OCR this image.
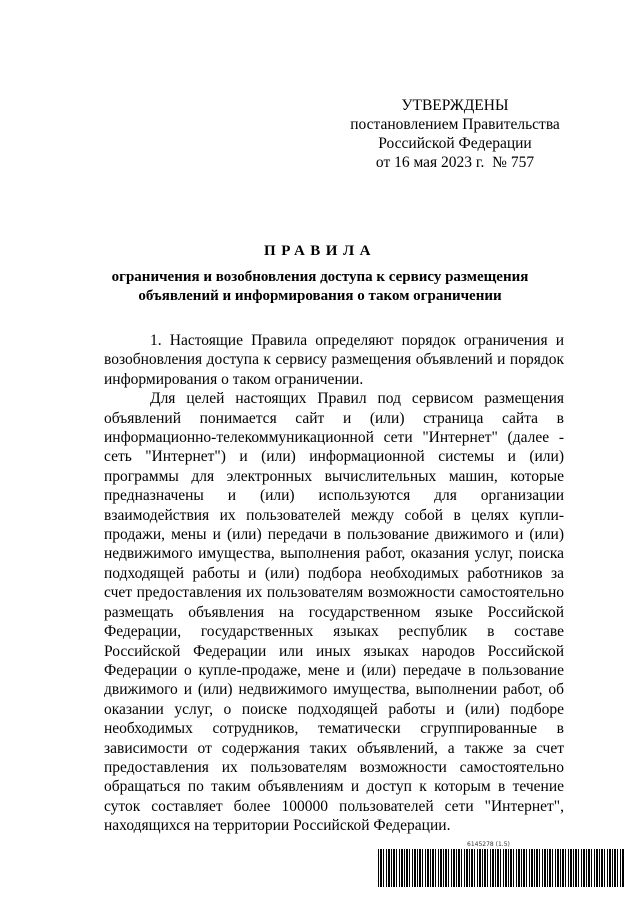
УТВЕРЖДЕНЫ
постановлением Правительства
Российской Федерации
от 16 мая 2023 г.  № 757
ПРАВИЛА
ограничения и возобновления доступа к сервису размещения
объявлений и информирования о таком ограничении

1. Настоящие Правила определяют порядок ограничения и возобновления доступа к сервису размещения объявлений и порядок информирования о таком ограничении.

Для целей настоящих Правил под сервисом размещения объявлений понимается сайт и (или) страница сайта в информационно-телекоммуникационной сети "Интернет" (далее - сеть "Интернет") и (или) информационной системы и (или) программы для электронных вычислительных машин, которые предназначены и (или) используются для организации взаимодействия их пользователей между собой в целях купли-продажи, мены и (или) передачи в пользование движимого и (или) недвижимого имущества, выполнения работ, оказания услуг, поиска подходящей работы и (или) подбора необходимых работников за счет предоставления их пользователям возможности самостоятельно размещать объявления на государственном языке Российской Федерации, государственных языках республик в составе Российской Федерации или иных языках народов Российской Федерации о купле-продаже, мене и (или) передаче в пользование движимого и (или) недвижимого имущества, выполнении работ, об оказании услуг, о поиске подходящей работы и (или) подборе необходимых сотрудников, тематически сгруппированные в зависимости от содержания таких объявлений, а также за счет предоставления их пользователям возможности самостоятельно обращаться по таким объявлениям и доступ к которым в течение суток составляет более 100000 пользователей сети "Интернет", находящихся на территории Российской Федерации.

6145278 (1.5)
